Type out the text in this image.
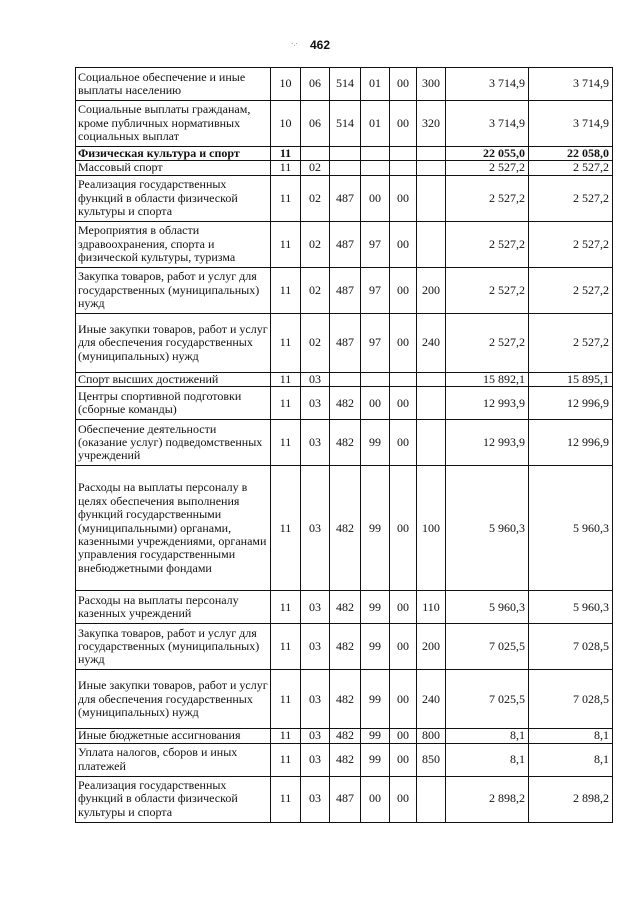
·.·	462
Социальное обеспечение и иные выплаты населению	10	06	514	01	00	300	3 714,9	3 714,9
Социальные выплаты гражданам, кроме публичных нормативных социальных выплат	10	06	514	01	00	320	3 714,9	3 714,9
Физическая культура и спорт	11						22 055,0	22 058,0
Массовый спорт	11	02					2 527,2	2 527,2
Реализация государственных функций в области физической культуры и спорта	11	02	487	00	00		2 527,2	2 527,2
Мероприятия в области здравоохранения, спорта и физической культуры, туризма	11	02	487	97	00		2 527,2	2 527,2
Закупка товаров, работ и услуг для государственных (муниципальных) нужд	11	02	487	97	00	200	2 527,2	2 527,2
Иные закупки товаров, работ и услуг для обеспечения государственных (муниципальных) нужд	11	02	487	97	00	240	2 527,2	2 527,2
Спорт высших достижений	11	03					15 892,1	15 895,1
Центры спортивной подготовки (сборные команды)	11	03	482	00	00		12 993,9	12 996,9
Обеспечение деятельности (оказание услуг) подведомственных учреждений	11	03	482	99	00		12 993,9	12 996,9
Расходы на выплаты персоналу в целях обеспечения выполнения функций государственными (муниципальными) органами, казенными учреждениями, органами управления государственными внебюджетными фондами	11	03	482	99	00	100	5 960,3	5 960,3
Расходы на выплаты персоналу казенных учреждений	11	03	482	99	00	110	5 960,3	5 960,3
Закупка товаров, работ и услуг для государственных (муниципальных) нужд	11	03	482	99	00	200	7 025,5	7 028,5
Иные закупки товаров, работ и услуг для обеспечения государственных (муниципальных) нужд	11	03	482	99	00	240	7 025,5	7 028,5
Иные бюджетные ассигнования	11	03	482	99	00	800	8,1	8,1
Уплата налогов, сборов и иных платежей	11	03	482	99	00	850	8,1	8,1
Реализация государственных функций в области физической культуры и спорта	11	03	487	00	00		2 898,2	2 898,2
